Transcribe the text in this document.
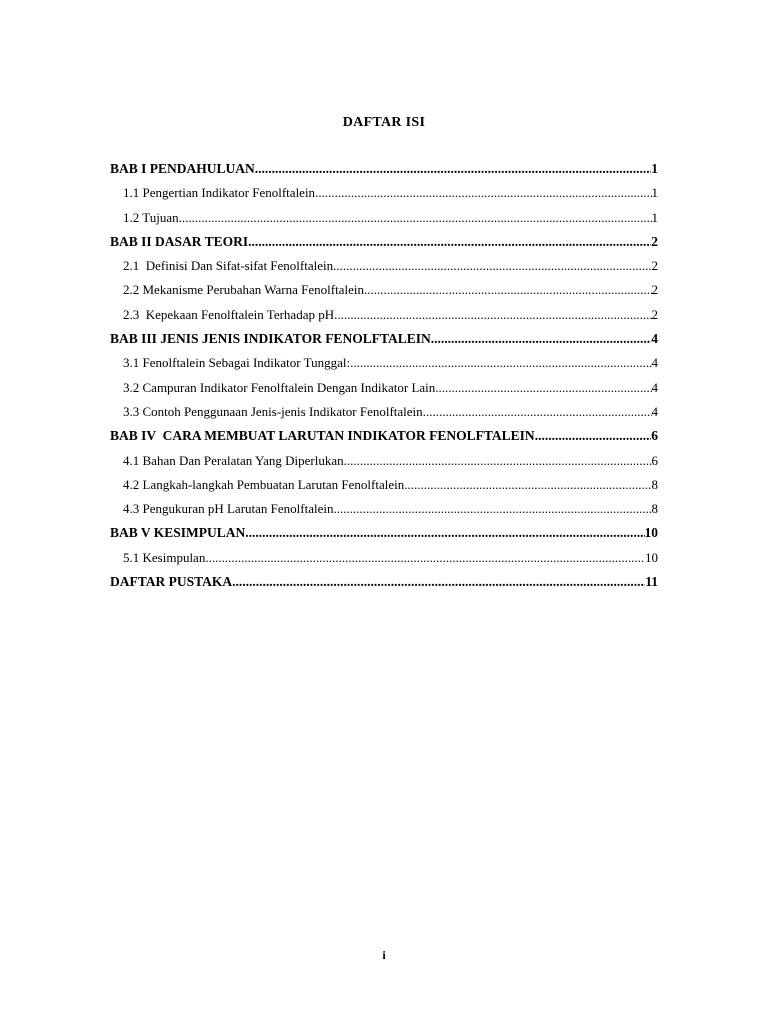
DAFTAR ISI
BAB I PENDAHULUAN .....	1
1.1 Pengertian Indikator Fenolftalein .....	1
1.2 Tujuan .....	1
BAB II DASAR TEORI .....	2
2.1  Definisi Dan Sifat-sifat Fenolftalein .....	2
2.2 Mekanisme Perubahan Warna Fenolftalein .....	2
2.3  Kepekaan Fenolftalein Terhadap pH .....	2
BAB III JENIS JENIS INDIKATOR FENOLFTALEIN .....	4
3.1 Fenolftalein Sebagai Indikator Tunggal: .....	4
3.2 Campuran Indikator Fenolftalein Dengan Indikator Lain .....	4
3.3 Contoh Penggunaan Jenis-jenis Indikator Fenolftalein .....	4
BAB IV  CARA MEMBUAT LARUTAN INDIKATOR FENOLFTALEIN .....	6
4.1 Bahan Dan Peralatan Yang Diperlukan .....	6
4.2 Langkah-langkah Pembuatan Larutan Fenolftalein .....	8
4.3 Pengukuran pH Larutan Fenolftalein .....	8
BAB V KESIMPULAN .....	10
5.1 Kesimpulan .....	10
DAFTAR PUSTAKA .....	11
i
